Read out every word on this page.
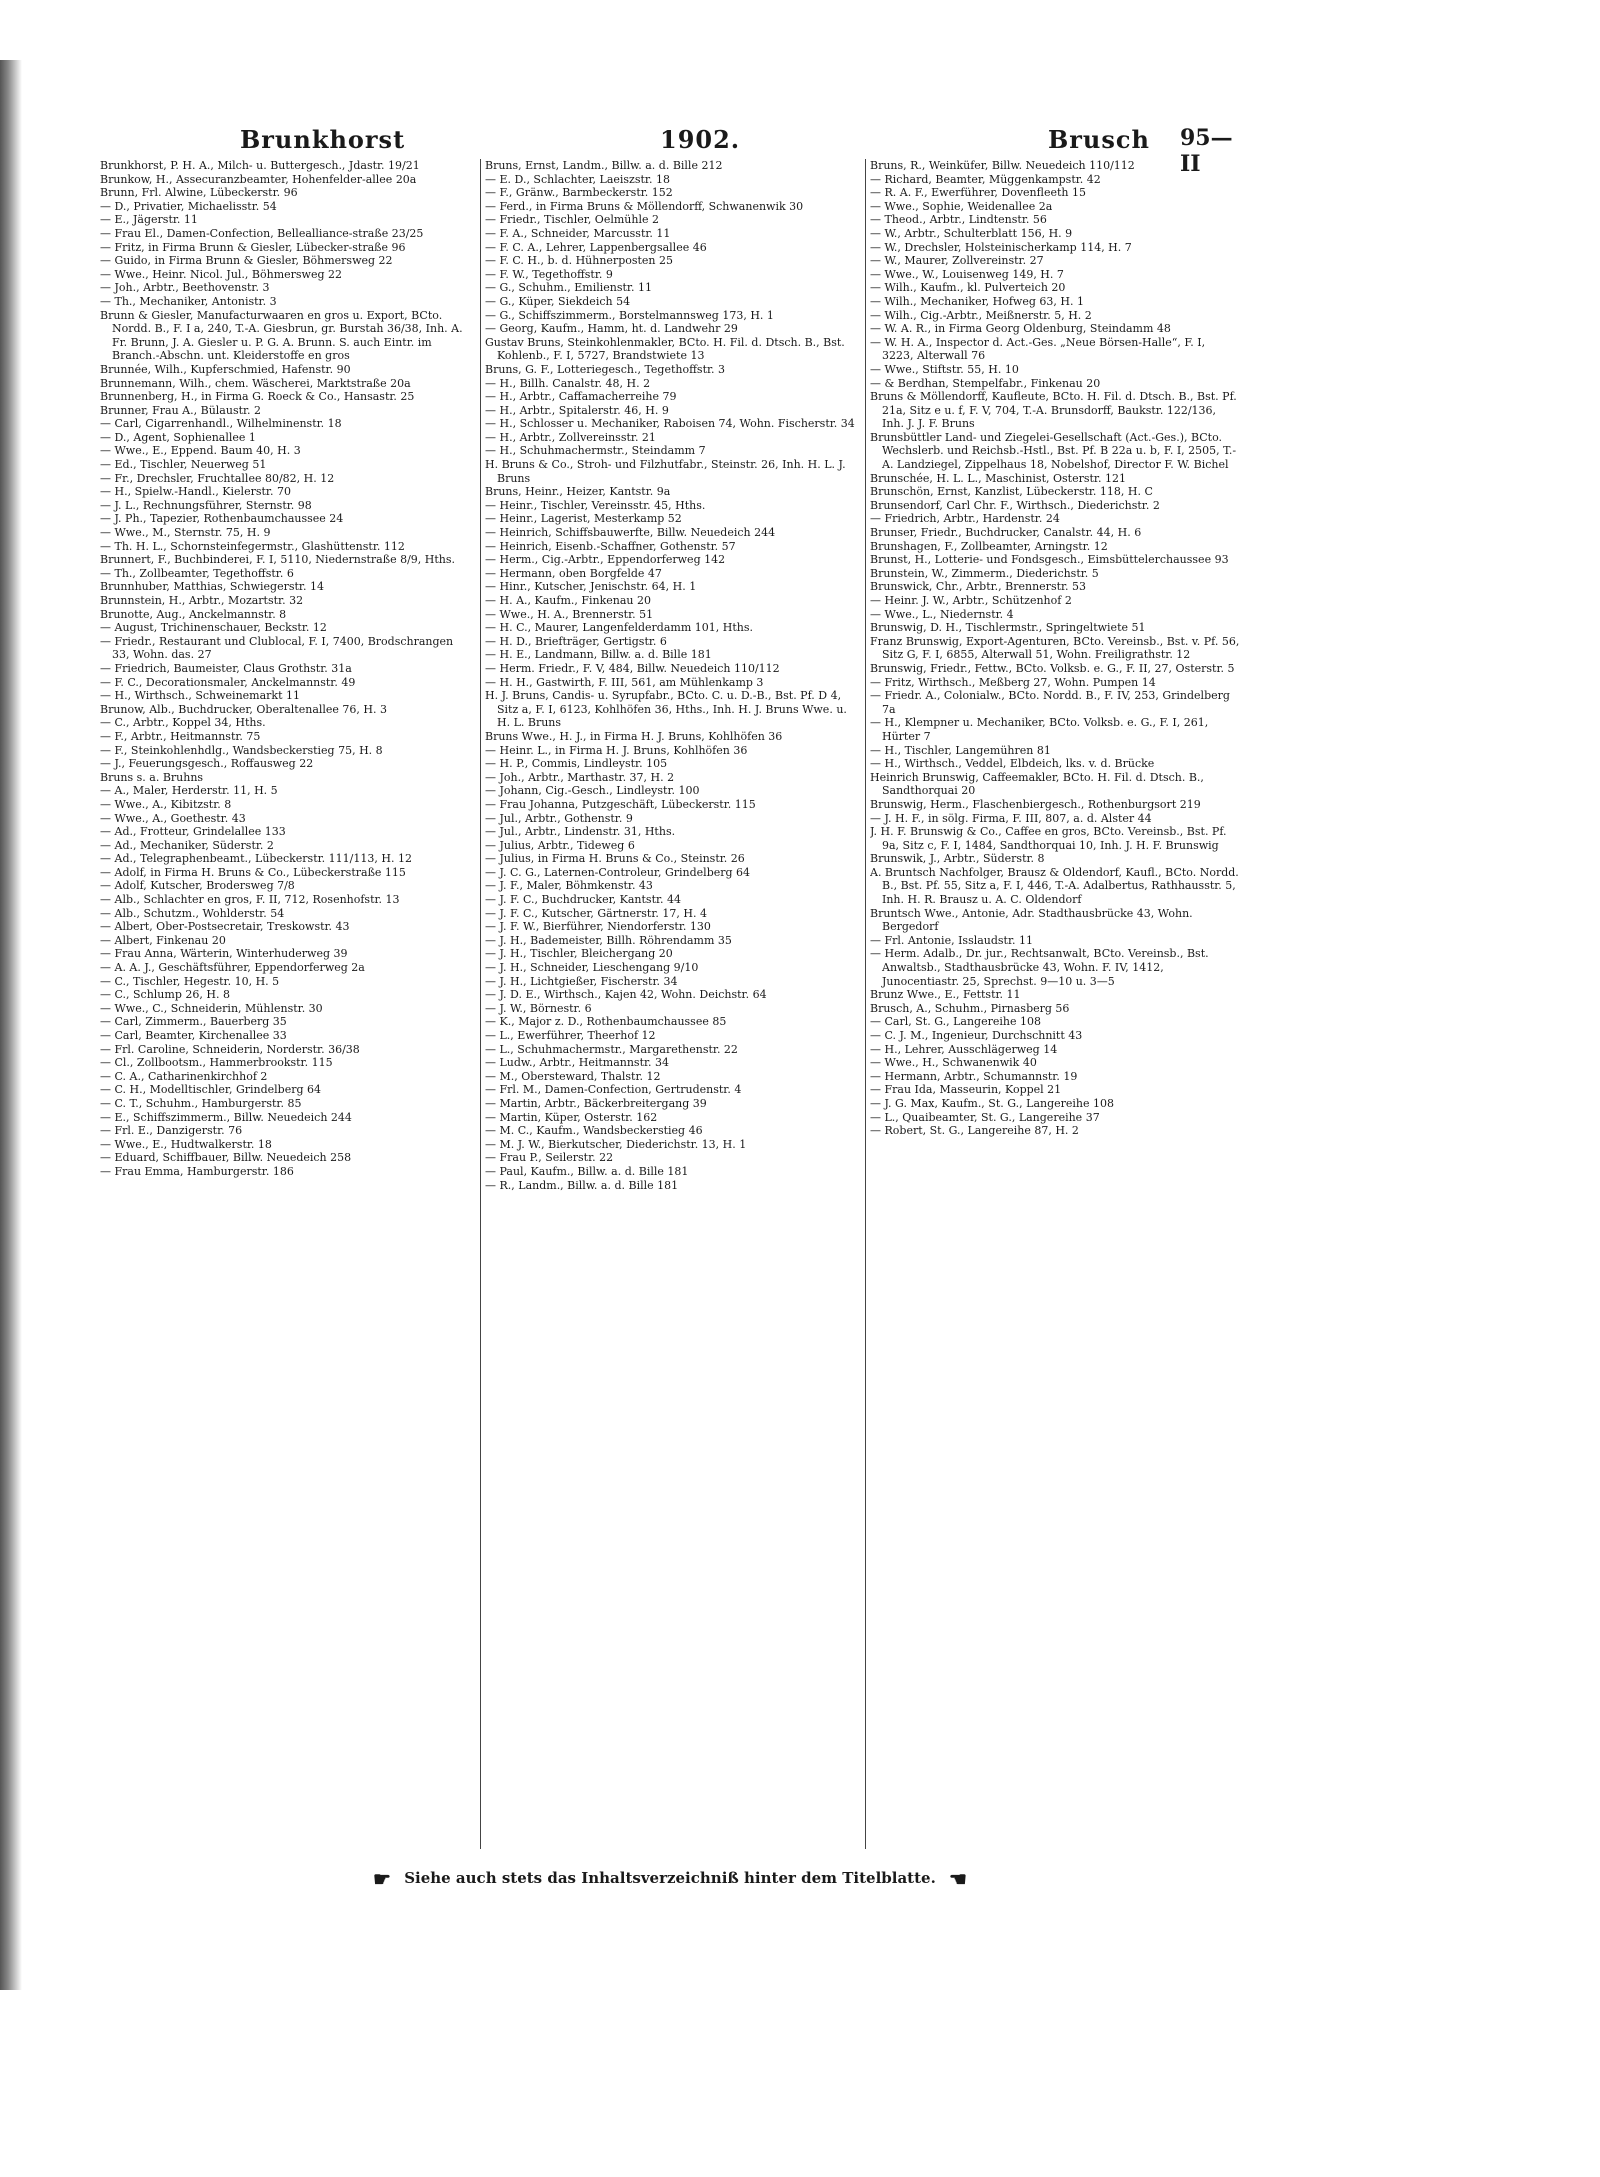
Brunkhorst	1902.	Brusch 95—II

Brunkhorst, P. H. A., Milch- u. Buttergesch., Jdastr. 19/21

Brunkow, H., Assecuranzbeamter, Hohenfelder-allee 20a

Brunn, Frl. Alwine, Lübeckerstr. 96

— D., Privatier, Michaelisstr. 54

— E., Jägerstr. 11

— Frau El., Damen-Confection, Bellealliance-straße 23/25

— Fritz, in Firma Brunn & Giesler, Lübecker-straße 96

— Guido, in Firma Brunn & Giesler, Böhmersweg 22

— Wwe., Heinr. Nicol. Jul., Böhmersweg 22

— Joh., Arbtr., Beethovenstr. 3

— Th., Mechaniker, Antonistr. 3

Brunn & Giesler, Manufacturwaaren en gros u. Export, BCto. Nordd. B., F. I a, 240, T.-A. Giesbrun, gr. Burstah 36/38, Inh. A. Fr. Brunn, J. A. Giesler u. P. G. A. Brunn. S. auch Eintr. im Branch.-Abschn. unt. Kleiderstoffe en gros

Brunnée, Wilh., Kupferschmied, Hafenstr. 90

Brunnemann, Wilh., chem. Wäscherei, Marktstraße 20a

Brunnenberg, H., in Firma G. Roeck & Co., Hansastr. 25

Brunner, Frau A., Bülaustr. 2

— Carl, Cigarrenhandl., Wilhelminenstr. 18

— D., Agent, Sophienallee 1

— Wwe., E., Eppend. Baum 40, H. 3

— Ed., Tischler, Neuerweg 51

— Fr., Drechsler, Fruchtallee 80/82, H. 12

— H., Spielw.-Handl., Kielerstr. 70

— J. L., Rechnungsführer, Sternstr. 98

— J. Ph., Tapezier, Rothenbaumchaussee 24

— Wwe., M., Sternstr. 75, H. 9

— Th. H. L., Schornsteinfegermstr., Glashüttenstr. 112

Brunnert, F., Buchbinderei, F. I, 5110, Niedernstraße 8/9, Hths.

— Th., Zollbeamter, Tegethoffstr. 6

Brunnhuber, Matthias, Schwiegerstr. 14

Brunnstein, H., Arbtr., Mozartstr. 32

Brunotte, Aug., Anckelmannstr. 8

— August, Trichinenschauer, Beckstr. 12

— Friedr., Restaurant und Clublocal, F. I, 7400, Brodschrangen 33, Wohn. das. 27

— Friedrich, Baumeister, Claus Grothstr. 31a

— F. C., Decorationsmaler, Anckelmannstr. 49

— H., Wirthsch., Schweinemarkt 11

Brunow, Alb., Buchdrucker, Oberaltenallee 76, H. 3

— C., Arbtr., Koppel 34, Hths.

— F., Arbtr., Heitmannstr. 75

— F., Steinkohlenhdlg., Wandsbeckerstieg 75, H. 8

— J., Feuerungsgesch., Roffausweg 22

Bruns s. a. Bruhns

— A., Maler, Herderstr. 11, H. 5

— Wwe., A., Kibitzstr. 8

— Wwe., A., Goethestr. 43

— Ad., Frotteur, Grindelallee 133

— Ad., Mechaniker, Süderstr. 2

— Ad., Telegraphenbeamt., Lübeckerstr. 111/113, H. 12

— Adolf, in Firma H. Bruns & Co., Lübeckerstraße 115

— Adolf, Kutscher, Brodersweg 7/8

— Alb., Schlachter en gros, F. II, 712, Rosenhofstr. 13

— Alb., Schutzm., Wohlderstr. 54

— Albert, Ober-Postsecretair, Treskowstr. 43

— Albert, Finkenau 20

— Frau Anna, Wärterin, Winterhuderweg 39

— A. A. J., Geschäftsführer, Eppendorferweg 2a

— C., Tischler, Hegestr. 10, H. 5

— C., Schlump 26, H. 8

— Wwe., C., Schneiderin, Mühlenstr. 30

— Carl, Zimmerm., Bauerberg 35

— Carl, Beamter, Kirchenallee 33

— Frl. Caroline, Schneiderin, Norderstr. 36/38

— Cl., Zollbootsm., Hammerbrookstr. 115

— C. A., Catharinenkirchhof 2

— C. H., Modelltischler, Grindelberg 64

— C. T., Schuhm., Hamburgerstr. 85

— E., Schiffszimmerm., Billw. Neuedeich 244

— Frl. E., Danzigerstr. 76

— Wwe., E., Hudtwalkerstr. 18

— Eduard, Schiffbauer, Billw. Neuedeich 258

— Frau Emma, Hamburgerstr. 186

Bruns, Ernst, Landm., Billw. a. d. Bille 212

— E. D., Schlachter, Laeiszstr. 18

— F., Gränw., Barmbeckerstr. 152

— Ferd., in Firma Bruns & Möllendorff, Schwanenwik 30

— Friedr., Tischler, Oelmühle 2

— F. A., Schneider, Marcusstr. 11

— F. C. A., Lehrer, Lappenbergsallee 46

— F. C. H., b. d. Hühnerposten 25

— F. W., Tegethoffstr. 9

— G., Schuhm., Emilienstr. 11

— G., Küper, Siekdeich 54

— G., Schiffszimmerm., Borstelmannsweg 173, H. 1

— Georg, Kaufm., Hamm, ht. d. Landwehr 29

Gustav Bruns, Steinkohlenmakler, BCto. H. Fil. d. Dtsch. B., Bst. Kohlenb., F. I, 5727, Brandstwiete 13

Bruns, G. F., Lotteriegesch., Tegethoffstr. 3

— H., Billh. Canalstr. 48, H. 2

— H., Arbtr., Caffamacherreihe 79

— H., Arbtr., Spitalerstr. 46, H. 9

— H., Schlosser u. Mechaniker, Raboisen 74, Wohn. Fischerstr. 34

— H., Arbtr., Zollvereinsstr. 21

— H., Schuhmachermstr., Steindamm 7

H. Bruns & Co., Stroh- und Filzhutfabr., Steinstr. 26, Inh. H. L. J. Bruns

Bruns, Heinr., Heizer, Kantstr. 9a

— Heinr., Tischler, Vereinsstr. 45, Hths.

— Heinr., Lagerist, Mesterkamp 52

— Heinrich, Schiffsbauwerfte, Billw. Neuedeich 244

— Heinrich, Eisenb.-Schaffner, Gothenstr. 57

— Herm., Cig.-Arbtr., Eppendorferweg 142

— Hermann, oben Borgfelde 47

— Hinr., Kutscher, Jenischstr. 64, H. 1

— H. A., Kaufm., Finkenau 20

— Wwe., H. A., Brennerstr. 51

— H. C., Maurer, Langenfelderdamm 101, Hths.

— H. D., Briefträger, Gertigstr. 6

— H. E., Landmann, Billw. a. d. Bille 181

— Herm. Friedr., F. V, 484, Billw. Neuedeich 110/112

— H. H., Gastwirth, F. III, 561, am Mühlenkamp 3

H. J. Bruns, Candis- u. Syrupfabr., BCto. C. u. D.-B., Bst. Pf. D 4, Sitz a, F. I, 6123, Kohlhöfen 36, Hths., Inh. H. J. Bruns Wwe. u. H. L. Bruns

Bruns Wwe., H. J., in Firma H. J. Bruns, Kohlhöfen 36

— Heinr. L., in Firma H. J. Bruns, Kohlhöfen 36

— H. P., Commis, Lindleystr. 105

— Joh., Arbtr., Marthastr. 37, H. 2

— Johann, Cig.-Gesch., Lindleystr. 100

— Frau Johanna, Putzgeschäft, Lübeckerstr. 115

— Jul., Arbtr., Gothenstr. 9

— Jul., Arbtr., Lindenstr. 31, Hths.

— Julius, Arbtr., Tideweg 6

— Julius, in Firma H. Bruns & Co., Steinstr. 26

— J. C. G., Laternen-Controleur, Grindelberg 64

— J. F., Maler, Böhmkenstr. 43

— J. F. C., Buchdrucker, Kantstr. 44

— J. F. C., Kutscher, Gärtnerstr. 17, H. 4

— J. F. W., Bierführer, Niendorferstr. 130

— J. H., Bademeister, Billh. Röhrendamm 35

— J. H., Tischler, Bleichergang 20

— J. H., Schneider, Lieschengang 9/10

— J. H., Lichtgießer, Fischerstr. 34

— J. D. E., Wirthsch., Kajen 42, Wohn. Deichstr. 64

— J. W., Börnestr. 6

— K., Major z. D., Rothenbaumchaussee 85

— L., Ewerführer, Theerhof 12

— L., Schuhmachermstr., Margarethenstr. 22

— Ludw., Arbtr., Heitmannstr. 34

— M., Obersteward, Thalstr. 12

— Frl. M., Damen-Confection, Gertrudenstr. 4

— Martin, Arbtr., Bäckerbreitergang 39

— Martin, Küper, Osterstr. 162

— M. C., Kaufm., Wandsbeckerstieg 46

— M. J. W., Bierkutscher, Diederichstr. 13, H. 1

— Frau P., Seilerstr. 22

— Paul, Kaufm., Billw. a. d. Bille 181

— R., Landm., Billw. a. d. Bille 181

Bruns, R., Weinküfer, Billw. Neuedeich 110/112

— Richard, Beamter, Müggenkampstr. 42

— R. A. F., Ewerführer, Dovenfleeth 15

— Wwe., Sophie, Weidenallee 2a

— Theod., Arbtr., Lindtenstr. 56

— W., Arbtr., Schulterblatt 156, H. 9

— W., Drechsler, Holsteinischerkamp 114, H. 7

— W., Maurer, Zollvereinstr. 27

— Wwe., W., Louisenweg 149, H. 7

— Wilh., Kaufm., kl. Pulverteich 20

— Wilh., Mechaniker, Hofweg 63, H. 1

— Wilh., Cig.-Arbtr., Meißnerstr. 5, H. 2

— W. A. R., in Firma Georg Oldenburg, Steindamm 48

— W. H. A., Inspector d. Act.-Ges. „Neue Börsen-Halle“, F. I, 3223, Alterwall 76

— Wwe., Stiftstr. 55, H. 10

— & Berdhan, Stempelfabr., Finkenau 20

Bruns & Möllendorff, Kaufleute, BCto. H. Fil. d. Dtsch. B., Bst. Pf. 21a, Sitz e u. f, F. V, 704, T.-A. Brunsdorff, Baukstr. 122/136, Inh. J. J. F. Bruns

Brunsbüttler Land- und Ziegelei-Gesellschaft (Act.-Ges.), BCto. Wechslerb. und Reichsb.-Hstl., Bst. Pf. B 22a u. b, F. I, 2505, T.-A. Landziegel, Zippelhaus 18, Nobelshof, Director F. W. Bichel

Brunschée, H. L. L., Maschinist, Osterstr. 121

Brunschön, Ernst, Kanzlist, Lübeckerstr. 118, H. C

Brunsendorf, Carl Chr. F., Wirthsch., Diederichstr. 2

— Friedrich, Arbtr., Hardenstr. 24

Brunser, Friedr., Buchdrucker, Canalstr. 44, H. 6

Brunshagen, F., Zollbeamter, Arningstr. 12

Brunst, H., Lotterie- und Fondsgesch., Eimsbüttelerchaussee 93

Brunstein, W., Zimmerm., Diederichstr. 5

Brunswick, Chr., Arbtr., Brennerstr. 53

— Heinr. J. W., Arbtr., Schützenhof 2

— Wwe., L., Niedernstr. 4

Brunswig, D. H., Tischlermstr., Springeltwiete 51

Franz Brunswig, Export-Agenturen, BCto. Vereinsb., Bst. v. Pf. 56, Sitz G, F. I, 6855, Alterwall 51, Wohn. Freiligrathstr. 12

Brunswig, Friedr., Fettw., BCto. Volksb. e. G., F. II, 27, Osterstr. 5

— Fritz, Wirthsch., Meßberg 27, Wohn. Pumpen 14

— Friedr. A., Colonialw., BCto. Nordd. B., F. IV, 253, Grindelberg 7a

— H., Klempner u. Mechaniker, BCto. Volksb. e. G., F. I, 261, Hürter 7

— H., Tischler, Langemühren 81

— H., Wirthsch., Veddel, Elbdeich, lks. v. d. Brücke

Heinrich Brunswig, Caffeemakler, BCto. H. Fil. d. Dtsch. B., Sandthorquai 20

Brunswig, Herm., Flaschenbiergesch., Rothenburgsort 219

— J. H. F., in sölg. Firma, F. III, 807, a. d. Alster 44

J. H. F. Brunswig & Co., Caffee en gros, BCto. Vereinsb., Bst. Pf. 9a, Sitz c, F. I, 1484, Sandthorquai 10, Inh. J. H. F. Brunswig

Brunswik, J., Arbtr., Süderstr. 8

A. Bruntsch Nachfolger, Brausz & Oldendorf, Kaufl., BCto. Nordd. B., Bst. Pf. 55, Sitz a, F. I, 446, T.-A. Adalbertus, Rathhausstr. 5, Inh. H. R. Brausz u. A. C. Oldendorf

Bruntsch Wwe., Antonie, Adr. Stadthausbrücke 43, Wohn. Bergedorf

— Frl. Antonie, Isslaudstr. 11

— Herm. Adalb., Dr. jur., Rechtsanwalt, BCto. Vereinsb., Bst. Anwaltsb., Stadthausbrücke 43, Wohn. F. IV, 1412, Junocentiastr. 25, Sprechst. 9—10 u. 3—5

Brunz Wwe., E., Fettstr. 11

Brusch, A., Schuhm., Pirnasberg 56

— Carl, St. G., Langereihe 108

— C. J. M., Ingenieur, Durchschnitt 43

— H., Lehrer, Ausschlägerweg 14

— Wwe., H., Schwanenwik 40

— Hermann, Arbtr., Schumannstr. 19

— Frau Ida, Masseurin, Koppel 21

— J. G. Max, Kaufm., St. G., Langereihe 108

— L., Quaibeamter, St. G., Langereihe 37

— Robert, St. G., Langereihe 87, H. 2

☛ Siehe auch stets das Inhaltsverzeichniß hinter dem Titelblatte. ☚
